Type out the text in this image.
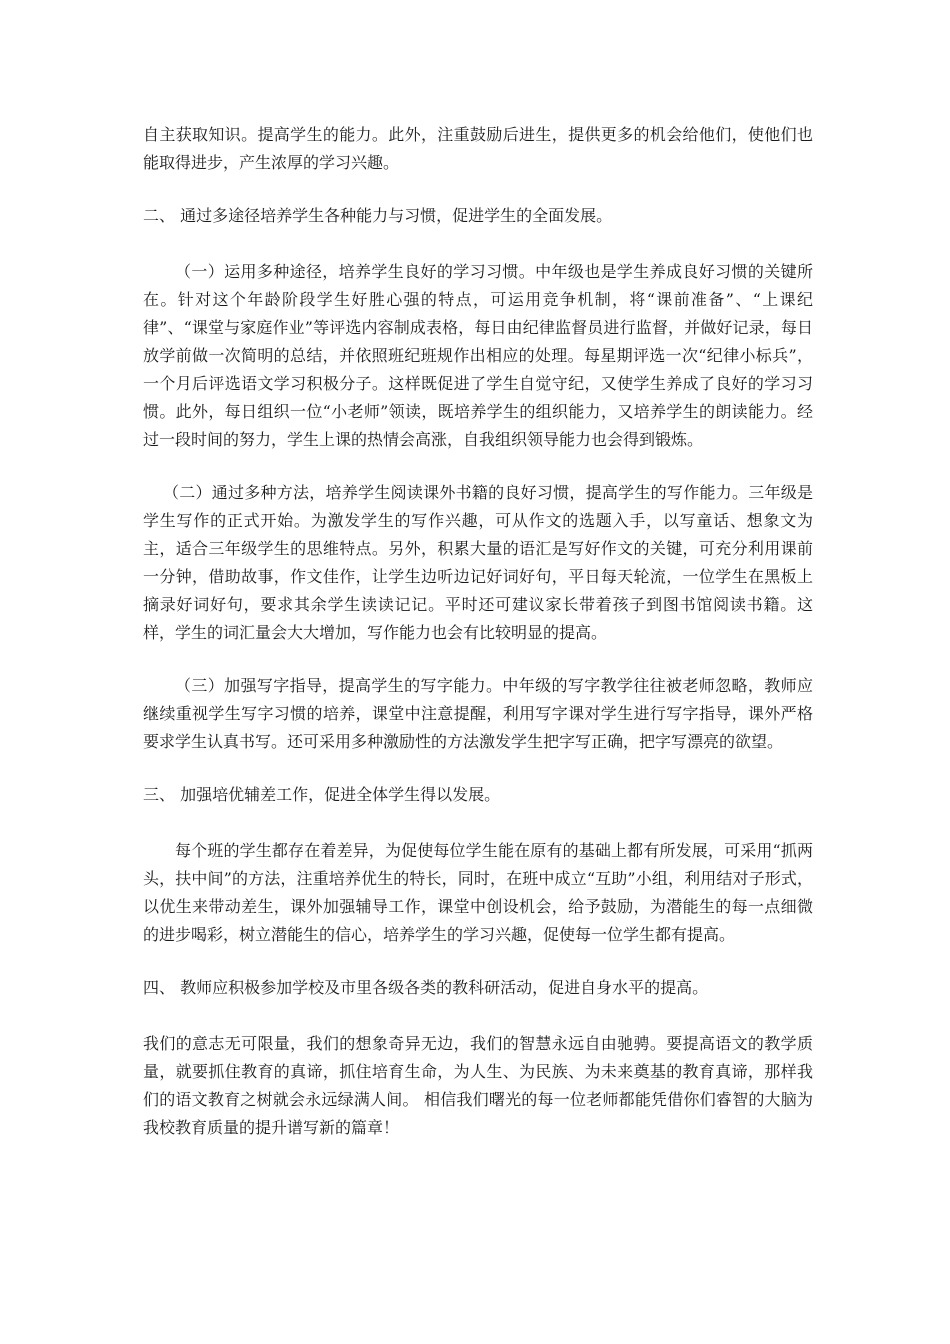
自主获取知识。提高学生的能力。此外，注重鼓励后进生，提供更多的机会给他们，使他们也能取得进步，产生浓厚的学习兴趣。

二、 通过多途径培养学生各种能力与习惯，促进学生的全面发展。

（一）运用多种途径，培养学生良好的学习习惯。中年级也是学生养成良好习惯的关键所在。针对这个年龄阶段学生好胜心强的特点，可运用竞争机制，将“课前准备”、“上课纪律”、“课堂与家庭作业”等评选内容制成表格，每日由纪律监督员进行监督，并做好记录，每日放学前做一次简明的总结，并依照班纪班规作出相应的处理。每星期评选一次“纪律小标兵”，一个月后评选语文学习积极分子。这样既促进了学生自觉守纪，又使学生养成了良好的学习习惯。此外，每日组织一位“小老师”领读，既培养学生的组织能力，又培养学生的朗读能力。经过一段时间的努力，学生上课的热情会高涨，自我组织领导能力也会得到锻炼。

（二）通过多种方法，培养学生阅读课外书籍的良好习惯，提高学生的写作能力。三年级是学生写作的正式开始。为激发学生的写作兴趣，可从作文的选题入手，以写童话、想象文为主，适合三年级学生的思维特点。另外，积累大量的语汇是写好作文的关键，可充分利用课前一分钟，借助故事，作文佳作，让学生边听边记好词好句，平日每天轮流，一位学生在黑板上摘录好词好句，要求其余学生读读记记。平时还可建议家长带着孩子到图书馆阅读书籍。这样，学生的词汇量会大大增加，写作能力也会有比较明显的提高。

（三）加强写字指导，提高学生的写字能力。中年级的写字教学往往被老师忽略，教师应继续重视学生写字习惯的培养，课堂中注意提醒，利用写字课对学生进行写字指导，课外严格要求学生认真书写。还可采用多种激励性的方法激发学生把字写正确，把字写漂亮的欲望。

三、 加强培优辅差工作，促进全体学生得以发展。

每个班的学生都存在着差异，为促使每位学生能在原有的基础上都有所发展，可采用“抓两头，扶中间”的方法，注重培养优生的特长，同时，在班中成立“互助”小组，利用结对子形式，以优生来带动差生，课外加强辅导工作，课堂中创设机会，给予鼓励，为潜能生的每一点细微的进步喝彩，树立潜能生的信心，培养学生的学习兴趣，促使每一位学生都有提高。

四、 教师应积极参加学校及市里各级各类的教科研活动，促进自身水平的提高。

我们的意志无可限量，我们的想象奇异无边，我们的智慧永远自由驰骋。要提高语文的教学质量，就要抓住教育的真谛，抓住培育生命，为人生、为民族、为未来奠基的教育真谛，那样我们的语文教育之树就会永远绿满人间。 相信我们曙光的每一位老师都能凭借你们睿智的大脑为我校教育质量的提升谱写新的篇章！
